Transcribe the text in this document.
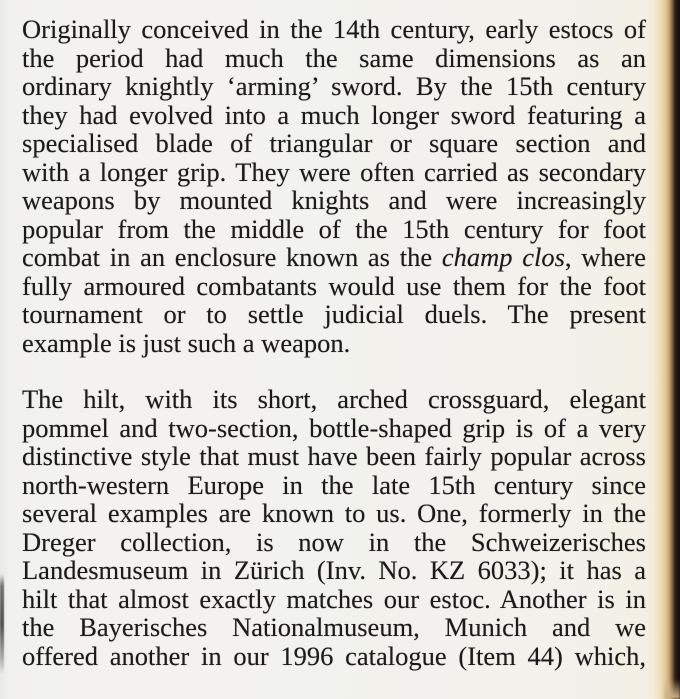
Originally conceived in the 14th century, early estocs of
the period had much the same dimensions as an
ordinary knightly ‘arming’ sword. By the 15th century
they had evolved into a much longer sword featuring a
specialised blade of triangular or square section and
with a longer grip. They were often carried as secondary
weapons by mounted knights and were increasingly
popular from the middle of the 15th century for foot
combat in an enclosure known as the champ clos, where
fully armoured combatants would use them for the foot
tournament or to settle judicial duels. The present
example is just such a weapon.
The hilt, with its short, arched crossguard, elegant
pommel and two-section, bottle-shaped grip is of a very
distinctive style that must have been fairly popular across
north-western Europe in the late 15th century since
several examples are known to us. One, formerly in the
Dreger collection, is now in the Schweizerisches
Landesmuseum in Zürich (Inv. No. KZ 6033); it has a
hilt that almost exactly matches our estoc. Another is in
the Bayerisches Nationalmuseum, Munich and we
offered another in our 1996 catalogue (Item 44) which,
